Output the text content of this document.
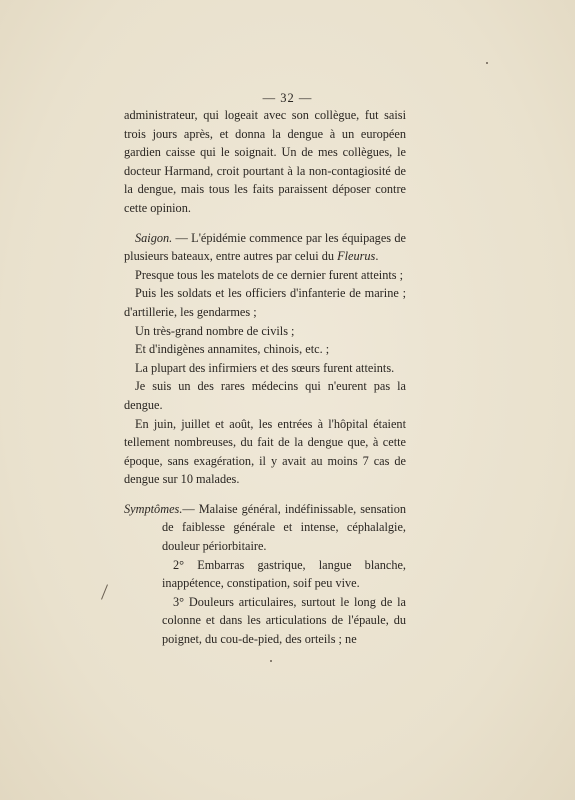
— 32 —

administrateur, qui logeait avec son collègue, fut saisi trois jours après, et donna la dengue à un européen gardien caisse qui le soignait. Un de mes collègues, le docteur Harmand, croit pourtant à la non-contagiosité de la dengue, mais tous les faits paraissent déposer contre cette opinion.

Saigon. — L'épidémie commence par les équipages de plusieurs bateaux, entre autres par celui du Fleurus.

Presque tous les matelots de ce dernier furent atteints ;

Puis les soldats et les officiers d'infanterie de marine ; d'artillerie, les gendarmes ;

Un très-grand nombre de civils ;

Et d'indigènes annamites, chinois, etc. ;

La plupart des infirmiers et des sœurs furent atteints.

Je suis un des rares médecins qui n'eurent pas la dengue.

En juin, juillet et août, les entrées à l'hôpital étaient tellement nombreuses, du fait de la dengue que, à cette époque, sans exagération, il y avait au moins 7 cas de dengue sur 10 malades.

Symptômes.— Malaise général, indéfinissable, sensation de faiblesse générale et intense, céphalalgie, douleur périorbitaire.

2° Embarras gastrique, langue blanche, inappétence, constipation, soif peu vive.

3° Douleurs articulaires, surtout le long de la colonne et dans les articulations de l'épaule, du poignet, du cou-de-pied, des orteils ; ne
